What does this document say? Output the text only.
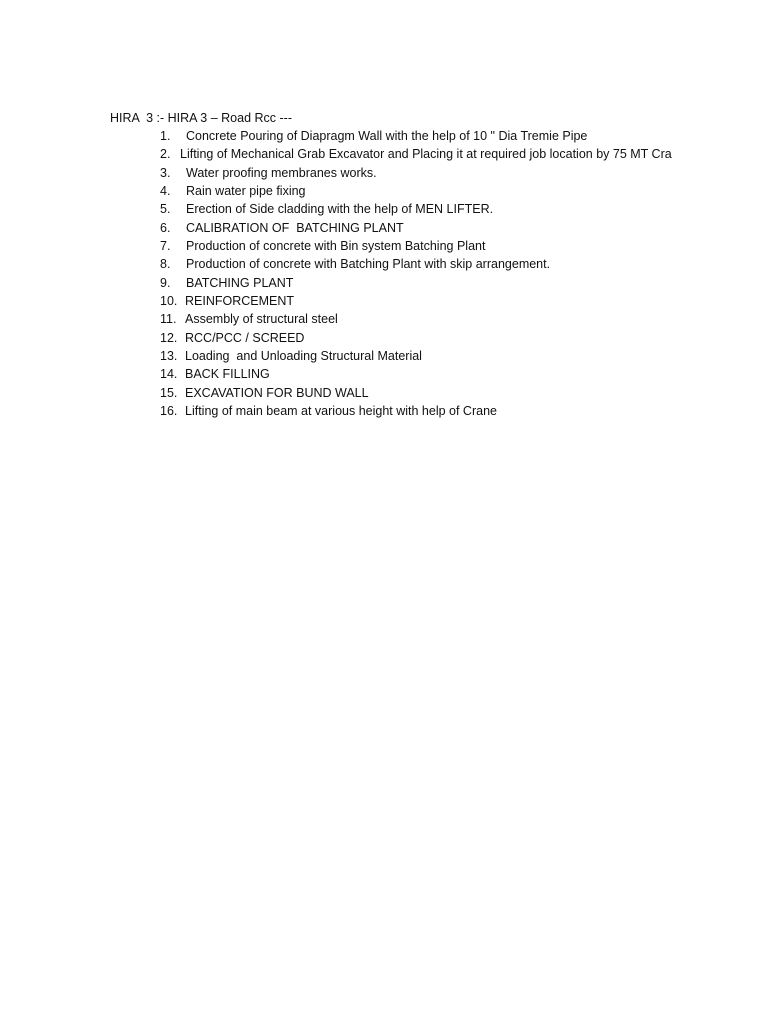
HIRA  3 :- HIRA 3 – Road Rcc ---
1. Concrete Pouring of Diapragm Wall with the help of 10 " Dia Tremie Pipe
2. Lifting of Mechanical Grab Excavator and Placing it at required job location by 75 MT Cra
3. Water proofing membranes works.
4. Rain water pipe fixing
5. Erection of Side cladding with the help of MEN LIFTER.
6. CALIBRATION OF  BATCHING PLANT
7. Production of concrete with Bin system Batching Plant
8. Production of concrete with Batching Plant with skip arrangement.
9. BATCHING PLANT
10. REINFORCEMENT
11. Assembly of structural steel
12. RCC/PCC / SCREED
13. Loading  and Unloading Structural Material
14. BACK FILLING
15. EXCAVATION FOR BUND WALL
16. Lifting of main beam at various height with help of Crane
